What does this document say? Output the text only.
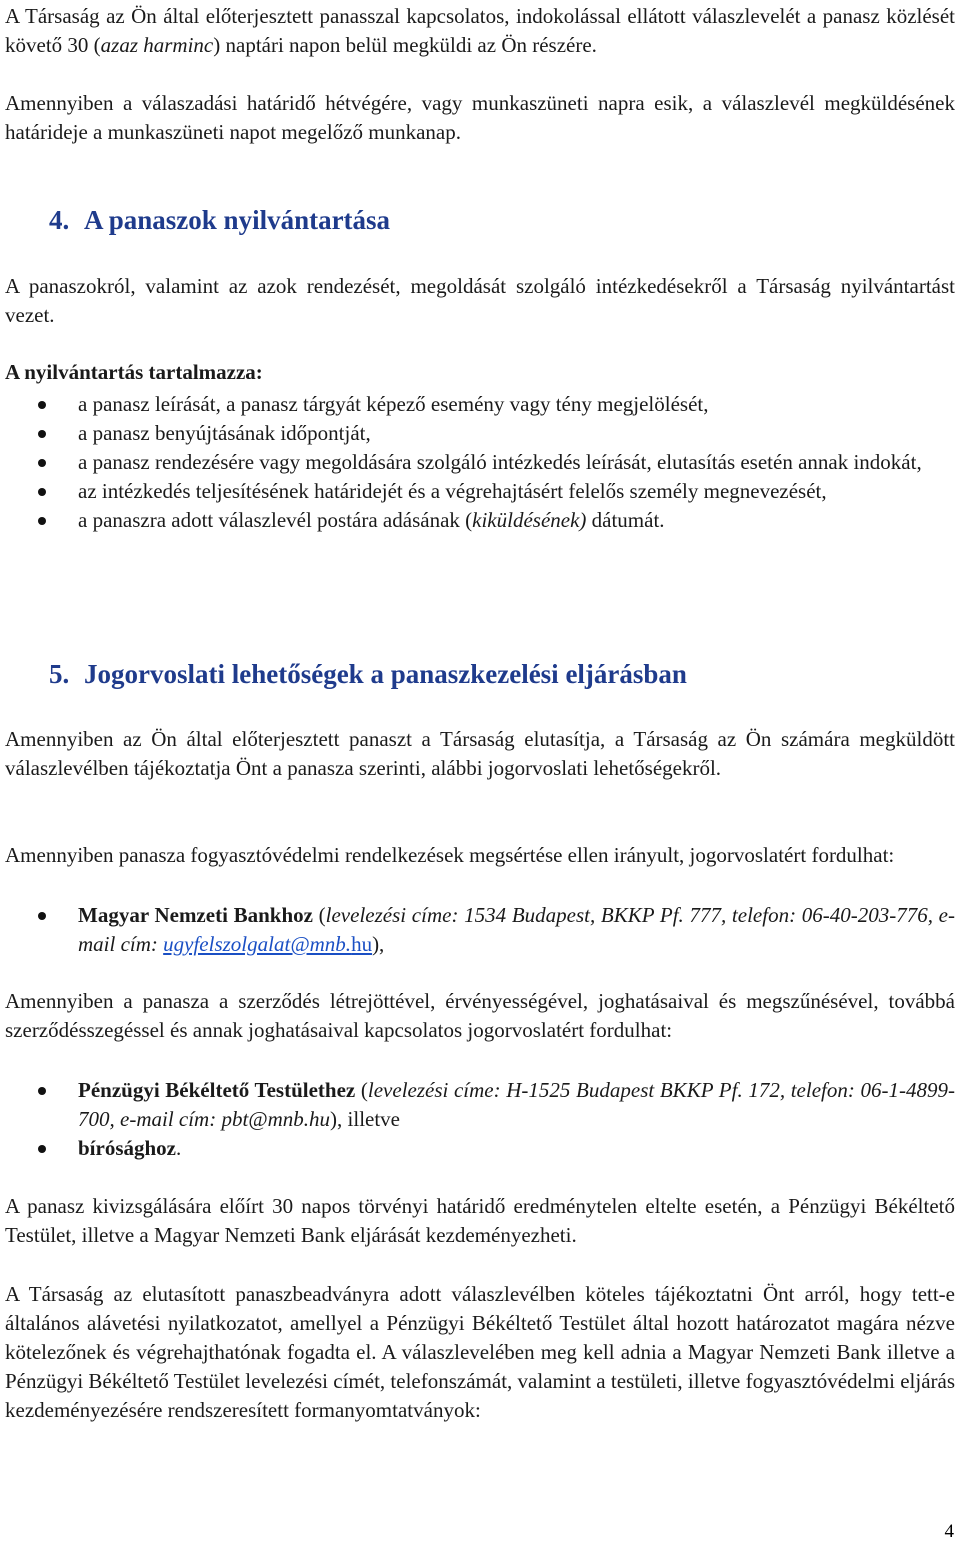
A Társaság az Ön által előterjesztett panasszal kapcsolatos, indokolással ellátott válaszlevelét a panasz közlését követő 30 (azaz harminc) naptári napon belül megküldi az Ön részére.

Amennyiben a válaszadási határidő hétvégére, vagy munkaszüneti napra esik, a válaszlevél megküldésének határideje a munkaszüneti napot megelőző munkanap.

4. A panaszok nyilvántartása

A panaszokról, valamint az azok rendezését, megoldását szolgáló intézkedésekről a Társaság nyilvántartást vezet.

A nyilvántartás tartalmazza:

a panasz leírását, a panasz tárgyát képező esemény vagy tény megjelölését,
a panasz benyújtásának időpontját,
a panasz rendezésére vagy megoldására szolgáló intézkedés leírását, elutasítás esetén annak indokát,
az intézkedés teljesítésének határidejét és a végrehajtásért felelős személy megnevezését,
a panaszra adott válaszlevél postára adásának (kiküldésének) dátumát.
5. Jogorvoslati lehetőségek a panaszkezelési eljárásban

Amennyiben az Ön által előterjesztett panaszt a Társaság elutasítja, a Társaság az Ön számára megküldött válaszlevélben tájékoztatja Önt a panasza szerinti, alábbi jogorvoslati lehetőségekről.

Amennyiben panasza fogyasztóvédelmi rendelkezések megsértése ellen irányult, jogorvoslatért fordulhat:

Magyar Nemzeti Bankhoz (levelezési címe: 1534 Budapest, BKKP Pf. 777, telefon: 06-40-203-776, e-mail cím: ugyfelszolgalat@mnb.hu),

Amennyiben a panasza a szerződés létrejöttével, érvényességével, joghatásaival és megszűnésével, továbbá szerződésszegéssel és annak joghatásaival kapcsolatos jogorvoslatért fordulhat:

Pénzügyi Békéltető Testülethez (levelezési címe: H-1525 Budapest BKKP Pf. 172, telefon: 06-1-4899-700, e-mail cím: pbt@mnb.hu), illetve
bírósághoz.

A panasz kivizsgálására előírt 30 napos törvényi határidő eredménytelen eltelte esetén, a Pénzügyi Békéltető Testület, illetve a Magyar Nemzeti Bank eljárását kezdeményezheti.

A Társaság az elutasított panaszbeadványra adott válaszlevélben köteles tájékoztatni Önt arról, hogy tett-e általános alávetési nyilatkozatot, amellyel a Pénzügyi Békéltető Testület által hozott határozatot magára nézve kötelezőnek és végrehajthatónak fogadta el. A válaszlevelében meg kell adnia a Magyar Nemzeti Bank illetve a Pénzügyi Békéltető Testület levelezési címét, telefonszámát, valamint a testületi, illetve fogyasztóvédelmi eljárás kezdeményezésére rendszeresített formanyomtatványok:

4
